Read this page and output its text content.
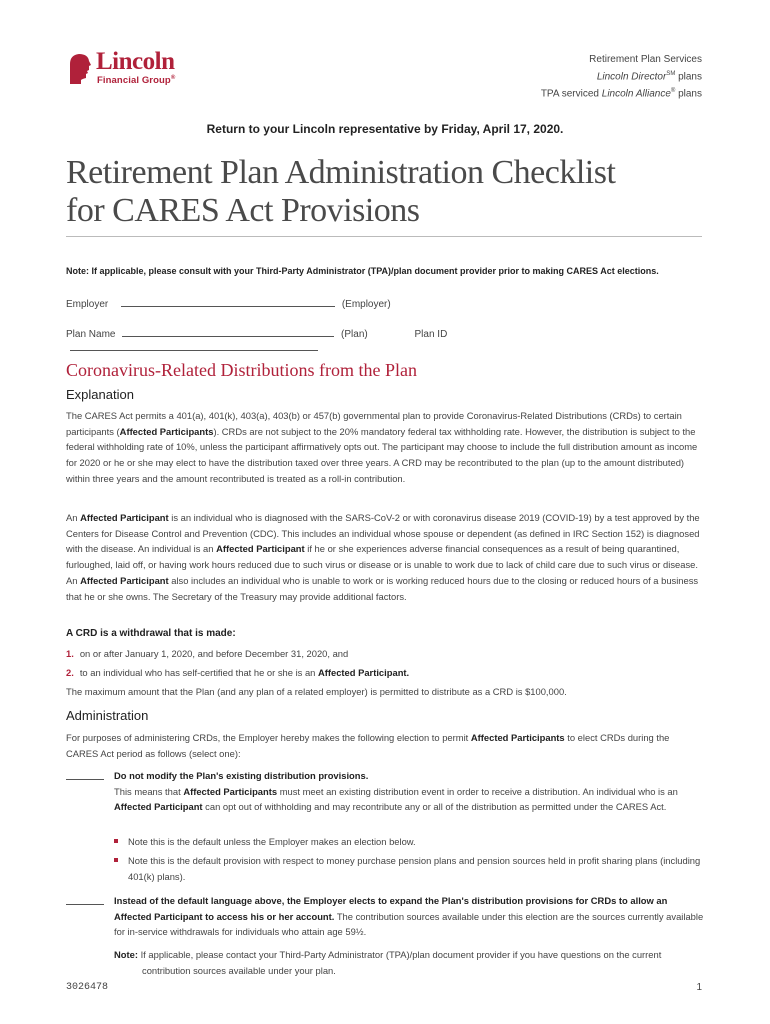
Lincoln
Financial Group®
Retirement Plan Services
Lincoln Director℠ plans
TPA serviced Lincoln Alliance® plans
Return to your Lincoln representative by Friday, April 17, 2020.
Retirement Plan Administration Checklist
for CARES Act Provisions
Note: If applicable, please consult with your Third-Party Administrator (TPA)/plan document provider prior to making CARES Act elections.
Employer	(Employer)
Plan Name	(Plan)	Plan ID
Coronavirus-Related Distributions from the Plan
Explanation

The CARES Act permits a 401(a), 401(k), 403(a), 403(b) or 457(b) governmental plan to provide Coronavirus-Related Distributions (CRDs) to certain participants (Affected Participants). CRDs are not subject to the 20% mandatory federal tax withholding rate. However, the distribution is subject to the federal withholding rate of 10%, unless the participant affirmatively opts out. The participant may choose to include the full distribution amount as income for 2020 or he or she may elect to have the distribution taxed over three years. A CRD may be recontributed to the plan (up to the amount distributed) within three years and the amount recontributed is treated as a roll-in contribution.

An Affected Participant is an individual who is diagnosed with the SARS-CoV-2 or with coronavirus disease 2019 (COVID-19) by a test approved by the Centers for Disease Control and Prevention (CDC). This includes an individual whose spouse or dependent (as defined in IRC Section 152) is diagnosed with the disease. An individual is an Affected Participant if he or she experiences adverse financial consequences as a result of being quarantined, furloughed, laid off, or having work hours reduced due to such virus or disease or is unable to work due to lack of child care due to such virus or disease. An Affected Participant also includes an individual who is unable to work or is working reduced hours due to the closing or reduced hours of a business that he or she owns. The Secretary of the Treasury may provide additional factors.

A CRD is a withdrawal that is made:
1. on or after January 1, 2020, and before December 31, 2020, and
2. to an individual who has self-certified that he or she is an Affected Participant.
The maximum amount that the Plan (and any plan of a related employer) is permitted to distribute as a CRD is $100,000.
Administration

For purposes of administering CRDs, the Employer hereby makes the following election to permit Affected Participants to elect CRDs during the CARES Act period as follows (select one):

Do not modify the Plan's existing distribution provisions.
This means that Affected Participants must meet an existing distribution event in order to receive a distribution. An individual who is an Affected Participant can opt out of withholding and may recontribute any or all of the distribution as permitted under the CARES Act.
Note this is the default unless the Employer makes an election below.
Note this is the default provision with respect to money purchase pension plans and pension sources held in profit sharing plans (including 401(k) plans).
Instead of the default language above, the Employer elects to expand the Plan's distribution provisions for CRDs to allow an Affected Participant to access his or her account. The contribution sources available under this election are the sources currently available for in-service withdrawals for individuals who attain age 59½.
Note: If applicable, please contact your Third-Party Administrator (TPA)/plan document provider if you have questions on the current contribution sources available under your plan.
3026478	1
